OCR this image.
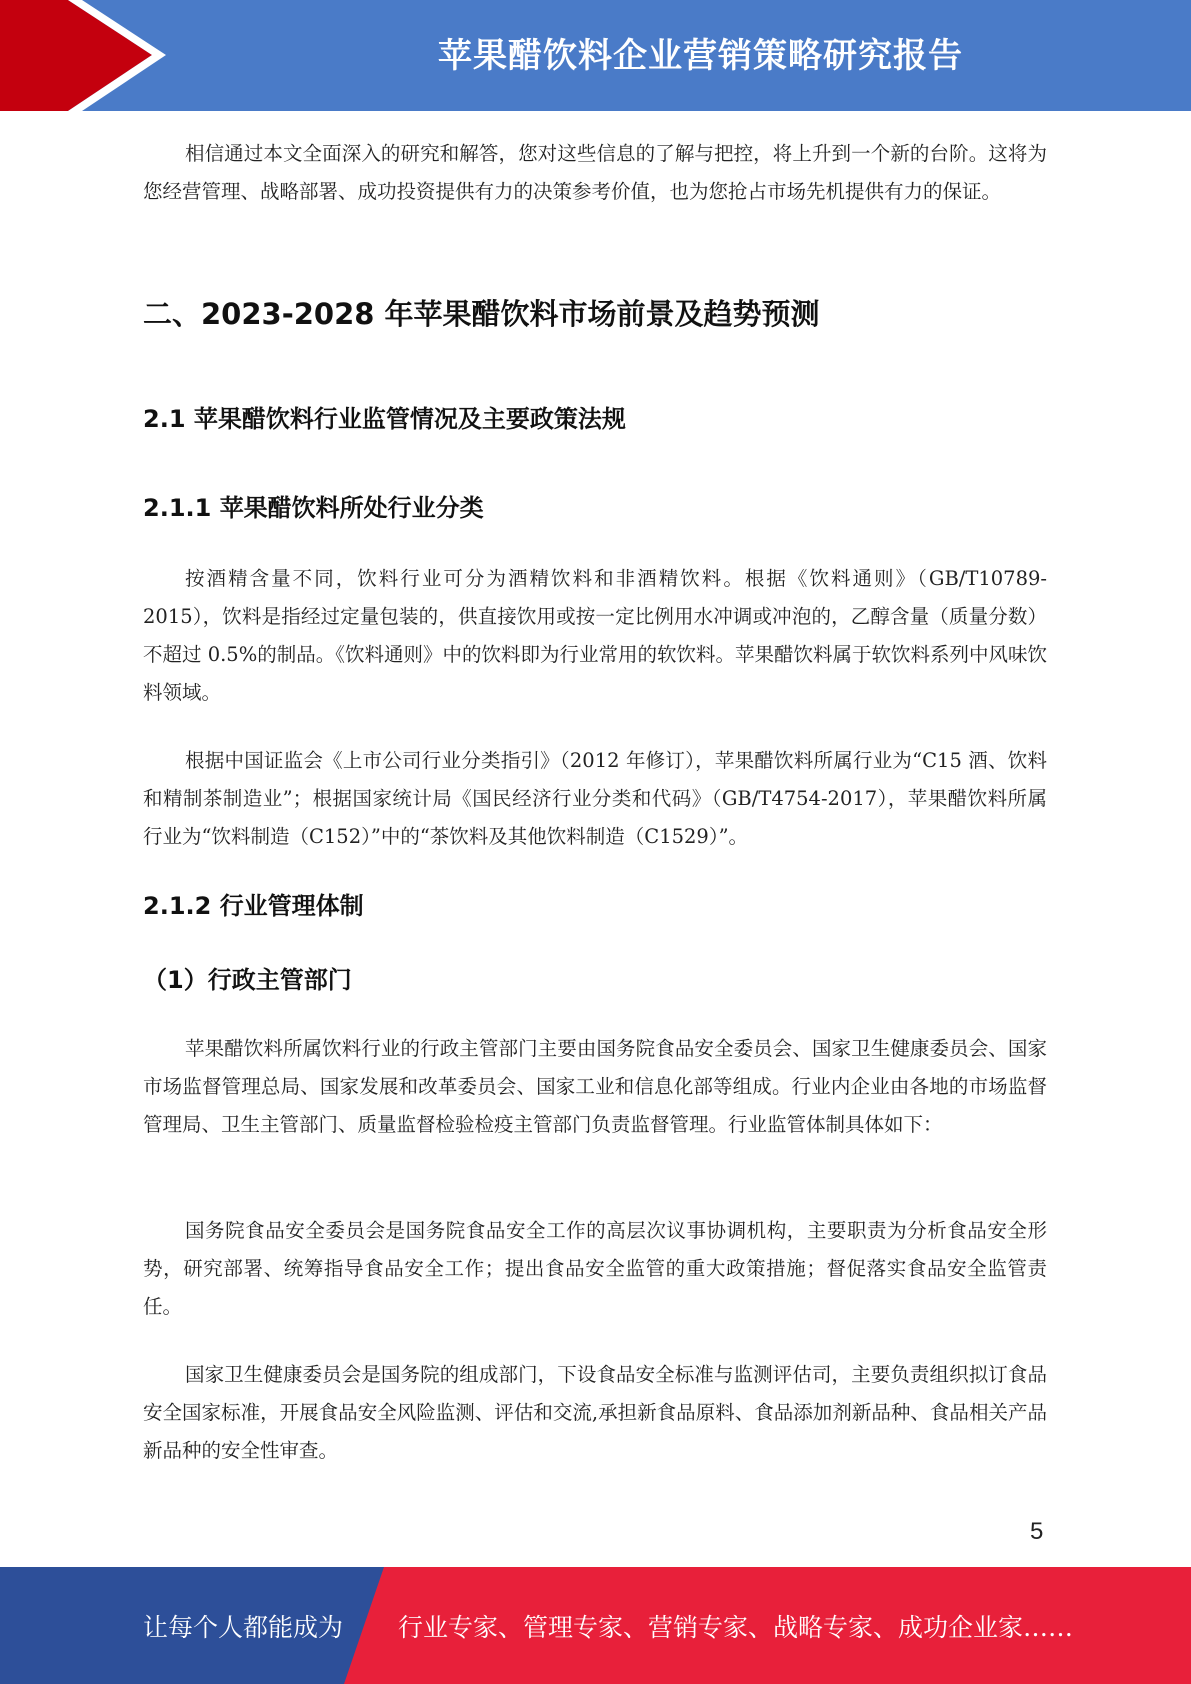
苹果醋饮料企业营销策略研究报告

相信通过本文全面深入的研究和解答，您对这些信息的了解与把控，将上升到一个新的台阶。这将为您经营管理、战略部署、成功投资提供有力的决策参考价值，也为您抢占市场先机提供有力的保证。

二、2023-2028 年苹果醋饮料市场前景及趋势预测
2.1 苹果醋饮料行业监管情况及主要政策法规
2.1.1 苹果醋饮料所处行业分类

按酒精含量不同，饮料行业可分为酒精饮料和非酒精饮料。根据《饮料通则》（GB/T10789-2015），饮料是指经过定量包装的，供直接饮用或按一定比例用水冲调或冲泡的，乙醇含量（质量分数）不超过 0.5%的制品。《饮料通则》中的饮料即为行业常用的软饮料。苹果醋饮料属于软饮料系列中风味饮料领域。

根据中国证监会《上市公司行业分类指引》（2012 年修订），苹果醋饮料所属行业为“C15 酒、饮料和精制茶制造业”；根据国家统计局《国民经济行业分类和代码》（GB/T4754-2017），苹果醋饮料所属行业为“饮料制造（C152）”中的“茶饮料及其他饮料制造（C1529）”。

2.1.2 行业管理体制
（1）行政主管部门

苹果醋饮料所属饮料行业的行政主管部门主要由国务院食品安全委员会、国家卫生健康委员会、国家市场监督管理总局、国家发展和改革委员会、国家工业和信息化部等组成。行业内企业由各地的市场监督管理局、卫生主管部门、质量监督检验检疫主管部门负责监督管理。行业监管体制具体如下：

国务院食品安全委员会是国务院食品安全工作的高层次议事协调机构，主要职责为分析食品安全形势，研究部署、统筹指导食品安全工作；提出食品安全监管的重大政策措施；督促落实食品安全监管责任。

国家卫生健康委员会是国务院的组成部门，下设食品安全标准与监测评估司，主要负责组织拟订食品安全国家标准，开展食品安全风险监测、评估和交流,承担新食品原料、食品添加剂新品种、食品相关产品新品种的安全性审查。

5
让每个人都能成为 行业专家、管理专家、营销专家、战略专家、成功企业家……
